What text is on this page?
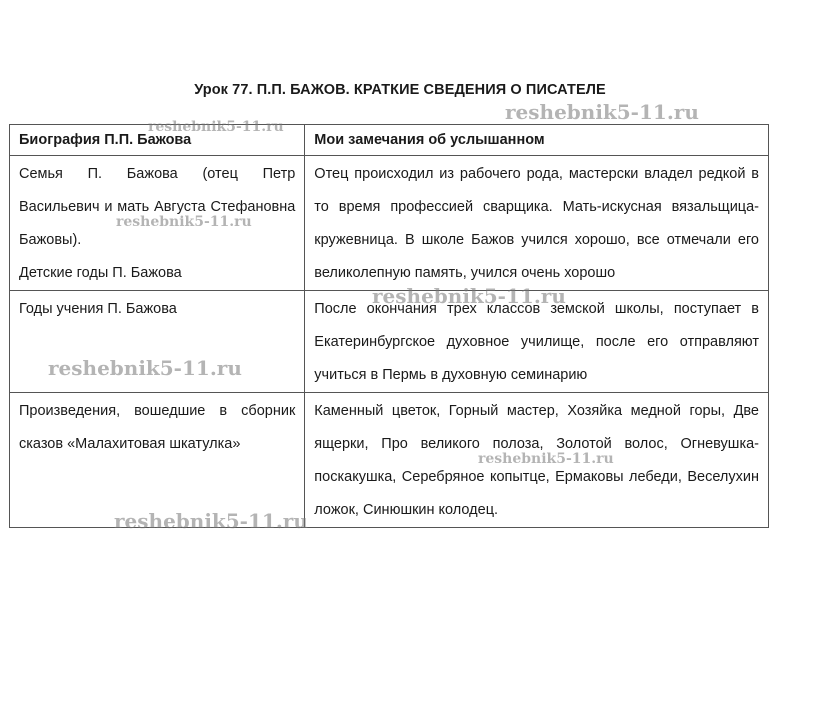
Урок 77. П.П. БАЖОВ. КРАТКИЕ СВЕДЕНИЯ О ПИСАТЕЛЕ
Биография П.П. Бажова	Мои замечания об услышанном

Семья П. Бажова (отец Петр Васильевич и мать Августа Стефановна Бажовы).
Детские годы П. Бажова	Отец происходил из рабочего рода, мастерски владел редкой в то время профессией сварщика. Мать-искусная вязальщица-кружевница. В школе Бажов учился хорошо, все отмечали его великолепную память, учился очень хорошо

Годы учения П. Бажова	После окончания трех классов земской школы, поступает в Екатеринбургское духовное училище, после его отправляют учиться в Пермь в духовную семинарию

Произведения, вошедшие в сборник сказов «Малахитовая шкатулка»	Каменный цветок, Горный мастер, Хозяйка медной горы, Две ящерки, Про великого полоза, Золотой волос, Огневушка-поскакушка, Серебряное копытце, Ермаковы лебеди, Веселухин ложок, Синюшкин колодец.
reshebnik5-11.ru
reshebnik5-11.ru
reshebnik5-11.ru
reshebnik5-11.ru
reshebnik5-11.ru
reshebnik5-11.ru
reshebnik5-11.ru
